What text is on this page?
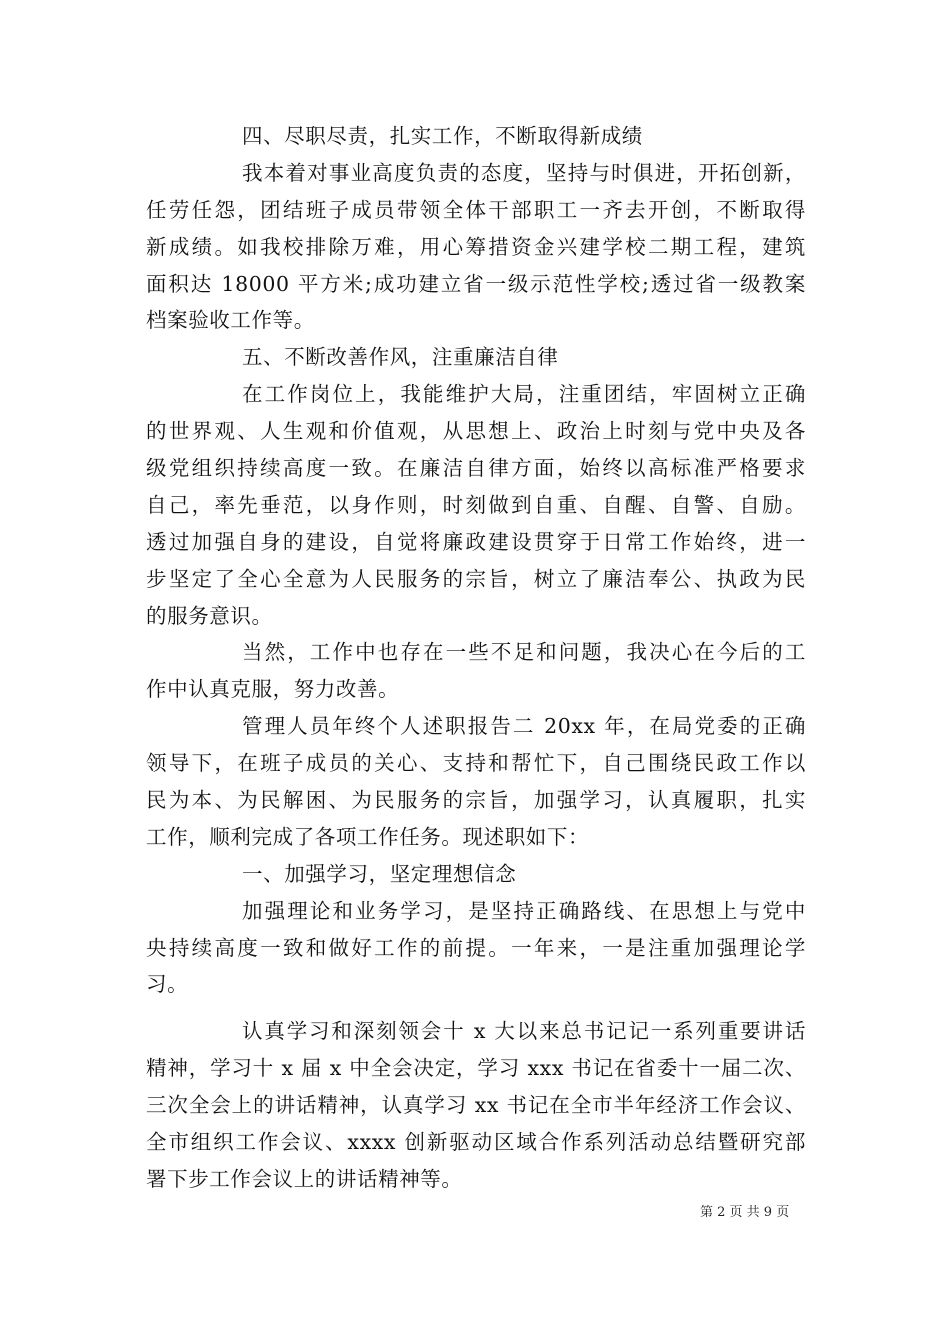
四、尽职尽责，扎实工作，不断取得新成绩
我本着对事业高度负责的态度，坚持与时俱进，开拓创新，
任劳任怨，团结班子成员带领全体干部职工一齐去开创，不断取得
新成绩。如我校排除万难，用心筹措资金兴建学校二期工程，建筑
面积达 18000 平方米;成功建立省一级示范性学校;透过省一级教案
档案验收工作等。
五、不断改善作风，注重廉洁自律
在工作岗位上，我能维护大局，注重团结，牢固树立正确
的世界观、人生观和价值观，从思想上、政治上时刻与党中央及各
级党组织持续高度一致。在廉洁自律方面，始终以高标准严格要求
自己，率先垂范，以身作则，时刻做到自重、自醒、自警、自励。
透过加强自身的建设，自觉将廉政建设贯穿于日常工作始终，进一
步坚定了全心全意为人民服务的宗旨，树立了廉洁奉公、执政为民
的服务意识。
当然，工作中也存在一些不足和问题，我决心在今后的工
作中认真克服，努力改善。
管理人员年终个人述职报告二 20xx 年，在局党委的正确
领导下，在班子成员的关心、支持和帮忙下，自己围绕民政工作以
民为本、为民解困、为民服务的宗旨，加强学习，认真履职，扎实
工作，顺利完成了各项工作任务。现述职如下：
一、加强学习，坚定理想信念
加强理论和业务学习，是坚持正确路线、在思想上与党中
央持续高度一致和做好工作的前提。一年来，一是注重加强理论学
习。
认真学习和深刻领会十 x 大以来总书记记一系列重要讲话
精神，学习十 x 届 x 中全会决定，学习 xxx 书记在省委十一届二次、
三次全会上的讲话精神，认真学习 xx 书记在全市半年经济工作会议、
全市组织工作会议、xxxx 创新驱动区域合作系列活动总结暨研究部
署下步工作会议上的讲话精神等。
第 2 页 共 9 页
